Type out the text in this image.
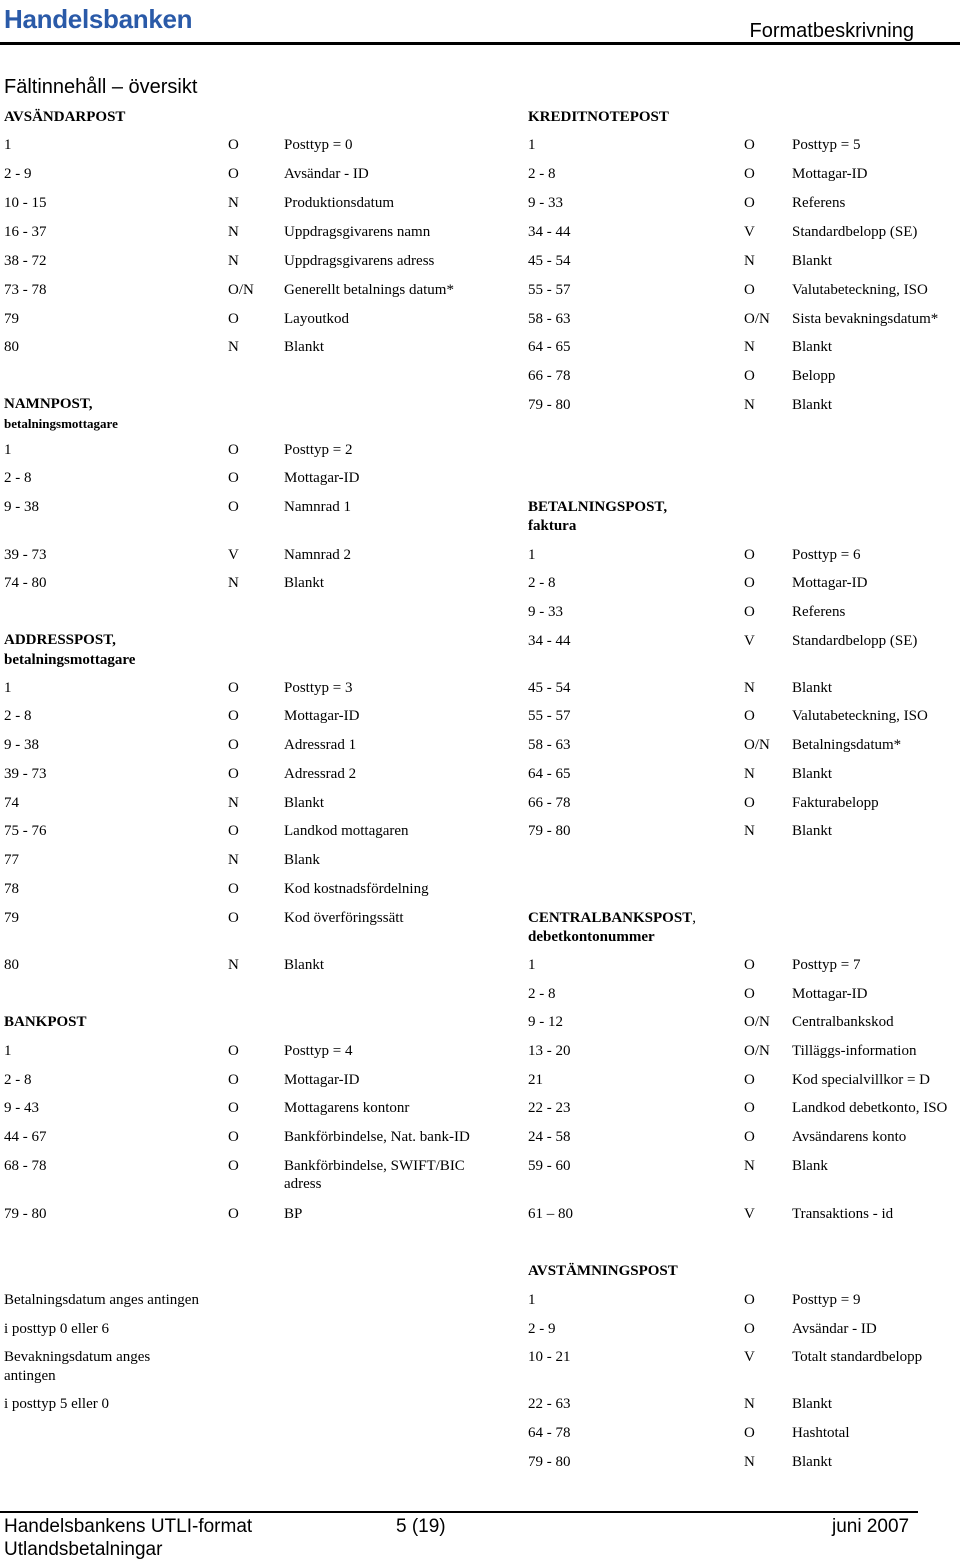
Handelsbanken	Formatbeskrivning
Fältinnehåll – översikt
AVSÄNDARPOST
1	O	Posttyp = 0
2 - 9	O	Avsändar - ID
10 - 15	N	Produktionsdatum
16 - 37	N	Uppdragsgivarens namn
38 - 72	N	Uppdragsgivarens adress
73 - 78	O/N Generellt betalnings datum*
79	O	Layoutkod
80	N	Blankt
NAMNPOST,
betalningsmottagare
1	O	Posttyp = 2
2 - 8	O	Mottagar-ID
9 - 38	O	Namnrad 1
39 - 73	V	Namnrad 2
74 - 80	N	Blankt
ADDRESSPOST,
betalningsmottagare
1	O	Posttyp = 3
2 - 8	O	Mottagar-ID
9 - 38	O	Adressrad 1
39 - 73	O	Adressrad 2
74	N	Blankt
75 - 76	O	Landkod mottagaren
77	N	Blank
78	O	Kod kostnadsfördelning
79	O	Kod överföringssätt
80	N	Blankt
BANKPOST
1	O	Posttyp = 4
2 - 8	O	Mottagar-ID
9 - 43	O	Mottagarens kontonr
44 - 67	O	Bankförbindelse, Nat. bank-ID
68 - 78	O	Bankförbindelse, SWIFT/BIC
adress
79 - 80	O	BP
KREDITNOTEPOST
1	O Posttyp = 5
2 - 8	O Mottagar-ID
9 - 33	O Referens
34 - 44	V Standardbelopp (SE)
45 - 54	N Blankt
55 - 57	O Valutabeteckning, ISO
58 - 63	O/N Sista bevakningsdatum*
64 - 65	N Blankt
66 - 78	O Belopp
79 - 80	N Blankt
BETALNINGSPOST,
faktura
1	O Posttyp = 6
2 - 8	O Mottagar-ID
9 - 33	O Referens
34 - 44	V Standardbelopp (SE)
45 - 54	N Blankt
55 - 57	O Valutabeteckning, ISO
58 - 63	O/N Betalningsdatum*
64 - 65	N Blankt
66 - 78	O Fakturabelopp
79 - 80	N Blankt
CENTRALBANKSPOST,
debetkontonummer
1	O Posttyp = 7
2 - 8	O Mottagar-ID
9 - 12	O/N Centralbankskod
13 - 20	O/N Tilläggs-information
21	O Kod specialvillkor = D
22 - 23	O Landkod debetkonto, ISO
24 - 58	O Avsändarens konto
59 - 60	N Blank
61 – 80	V Transaktions - id
AVSTÄMNINGSPOST
1	O Posttyp = 9
2 - 9	O Avsändar - ID
10 - 21	V Totalt standardbelopp
22 - 63	N Blankt
64 - 78	O Hashtotal
79 - 80	N Blankt
Betalningsdatum anges antingen
i posttyp 0 eller 6
Bevakningsdatum anges
antingen
i posttyp 5 eller 0
Handelsbankens UTLI-format
Utlandsbetalningar
5 (19)	juni 2007
